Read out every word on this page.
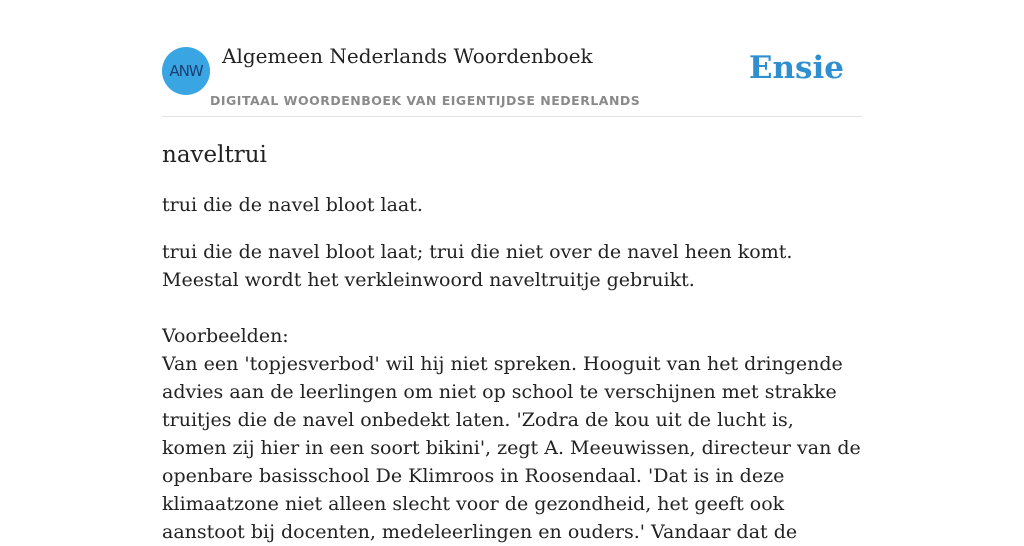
ANW
Algemeen Nederlands Woordenboek
DIGITAAL WOORDENBOEK VAN EIGENTIJDSE NEDERLANDS
Ensie
naveltrui

trui die de navel bloot laat.

trui die de navel bloot laat; trui die niet over de navel heen komt.
Meestal wordt het verkleinwoord naveltruitje gebruikt.
Voorbeelden:
Van een 'topjesverbod' wil hij niet spreken. Hooguit van het dringende advies aan de leerlingen om niet op school te verschijnen met strakke truitjes die de navel onbedekt laten. 'Zodra de kou uit de lucht is, komen zij hier in een soort bikini', zegt A. Meeuwissen, directeur van de openbare basisschool De Klimroos in Roosendaal. 'Dat is in deze klimaatzone niet alleen slecht voor de gezondheid, het geeft ook aanstoot bij docenten, medeleerlingen en ouders.' Vandaar dat de
